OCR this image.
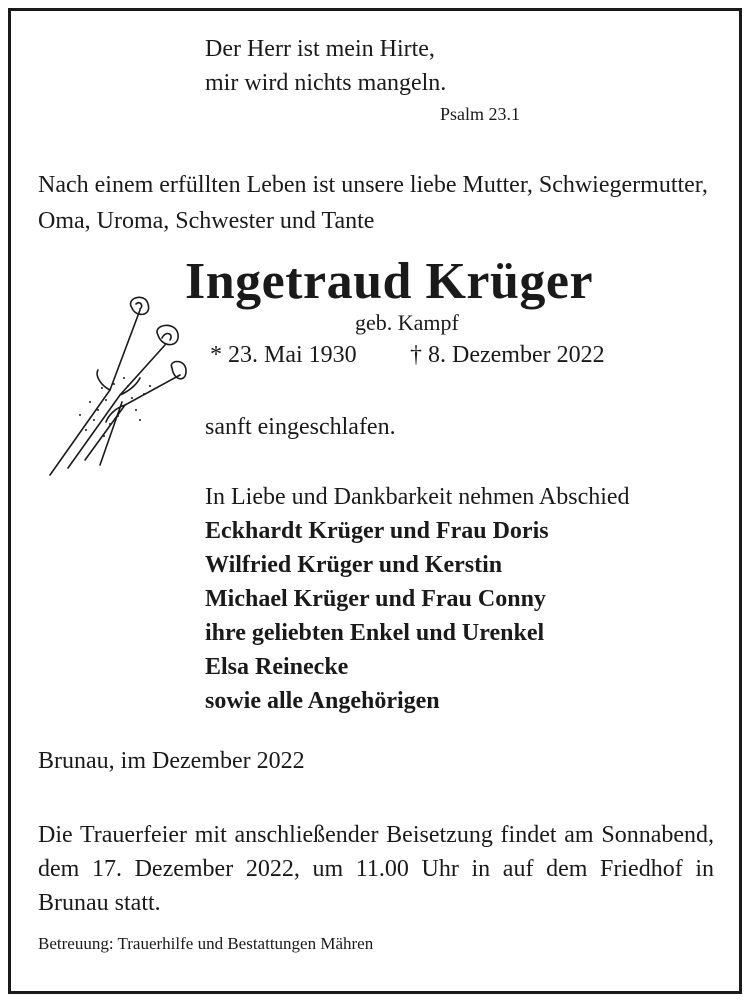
Der Herr ist mein Hirte,
mir wird nichts mangeln.
Psalm 23.1
Nach einem erfüllten Leben ist unsere liebe Mutter, Schwiegermutter, Oma, Uroma, Schwester und Tante
Ingetraud Krüger
geb. Kampf
* 23. Mai 1930 † 8. Dezember 2022
sanft eingeschlafen.
In Liebe und Dankbarkeit nehmen Abschied
Eckhardt Krüger und Frau Doris
Wilfried Krüger und Kerstin
Michael Krüger und Frau Conny
ihre geliebten Enkel und Urenkel
Elsa Reinecke
sowie alle Angehörigen
Brunau, im Dezember 2022
Die Trauerfeier mit anschließender Beisetzung findet am Sonnabend, dem 17. Dezember 2022, um 11.00 Uhr in auf dem Friedhof in Brunau statt.
Betreuung: Trauerhilfe und Bestattungen Mähren
